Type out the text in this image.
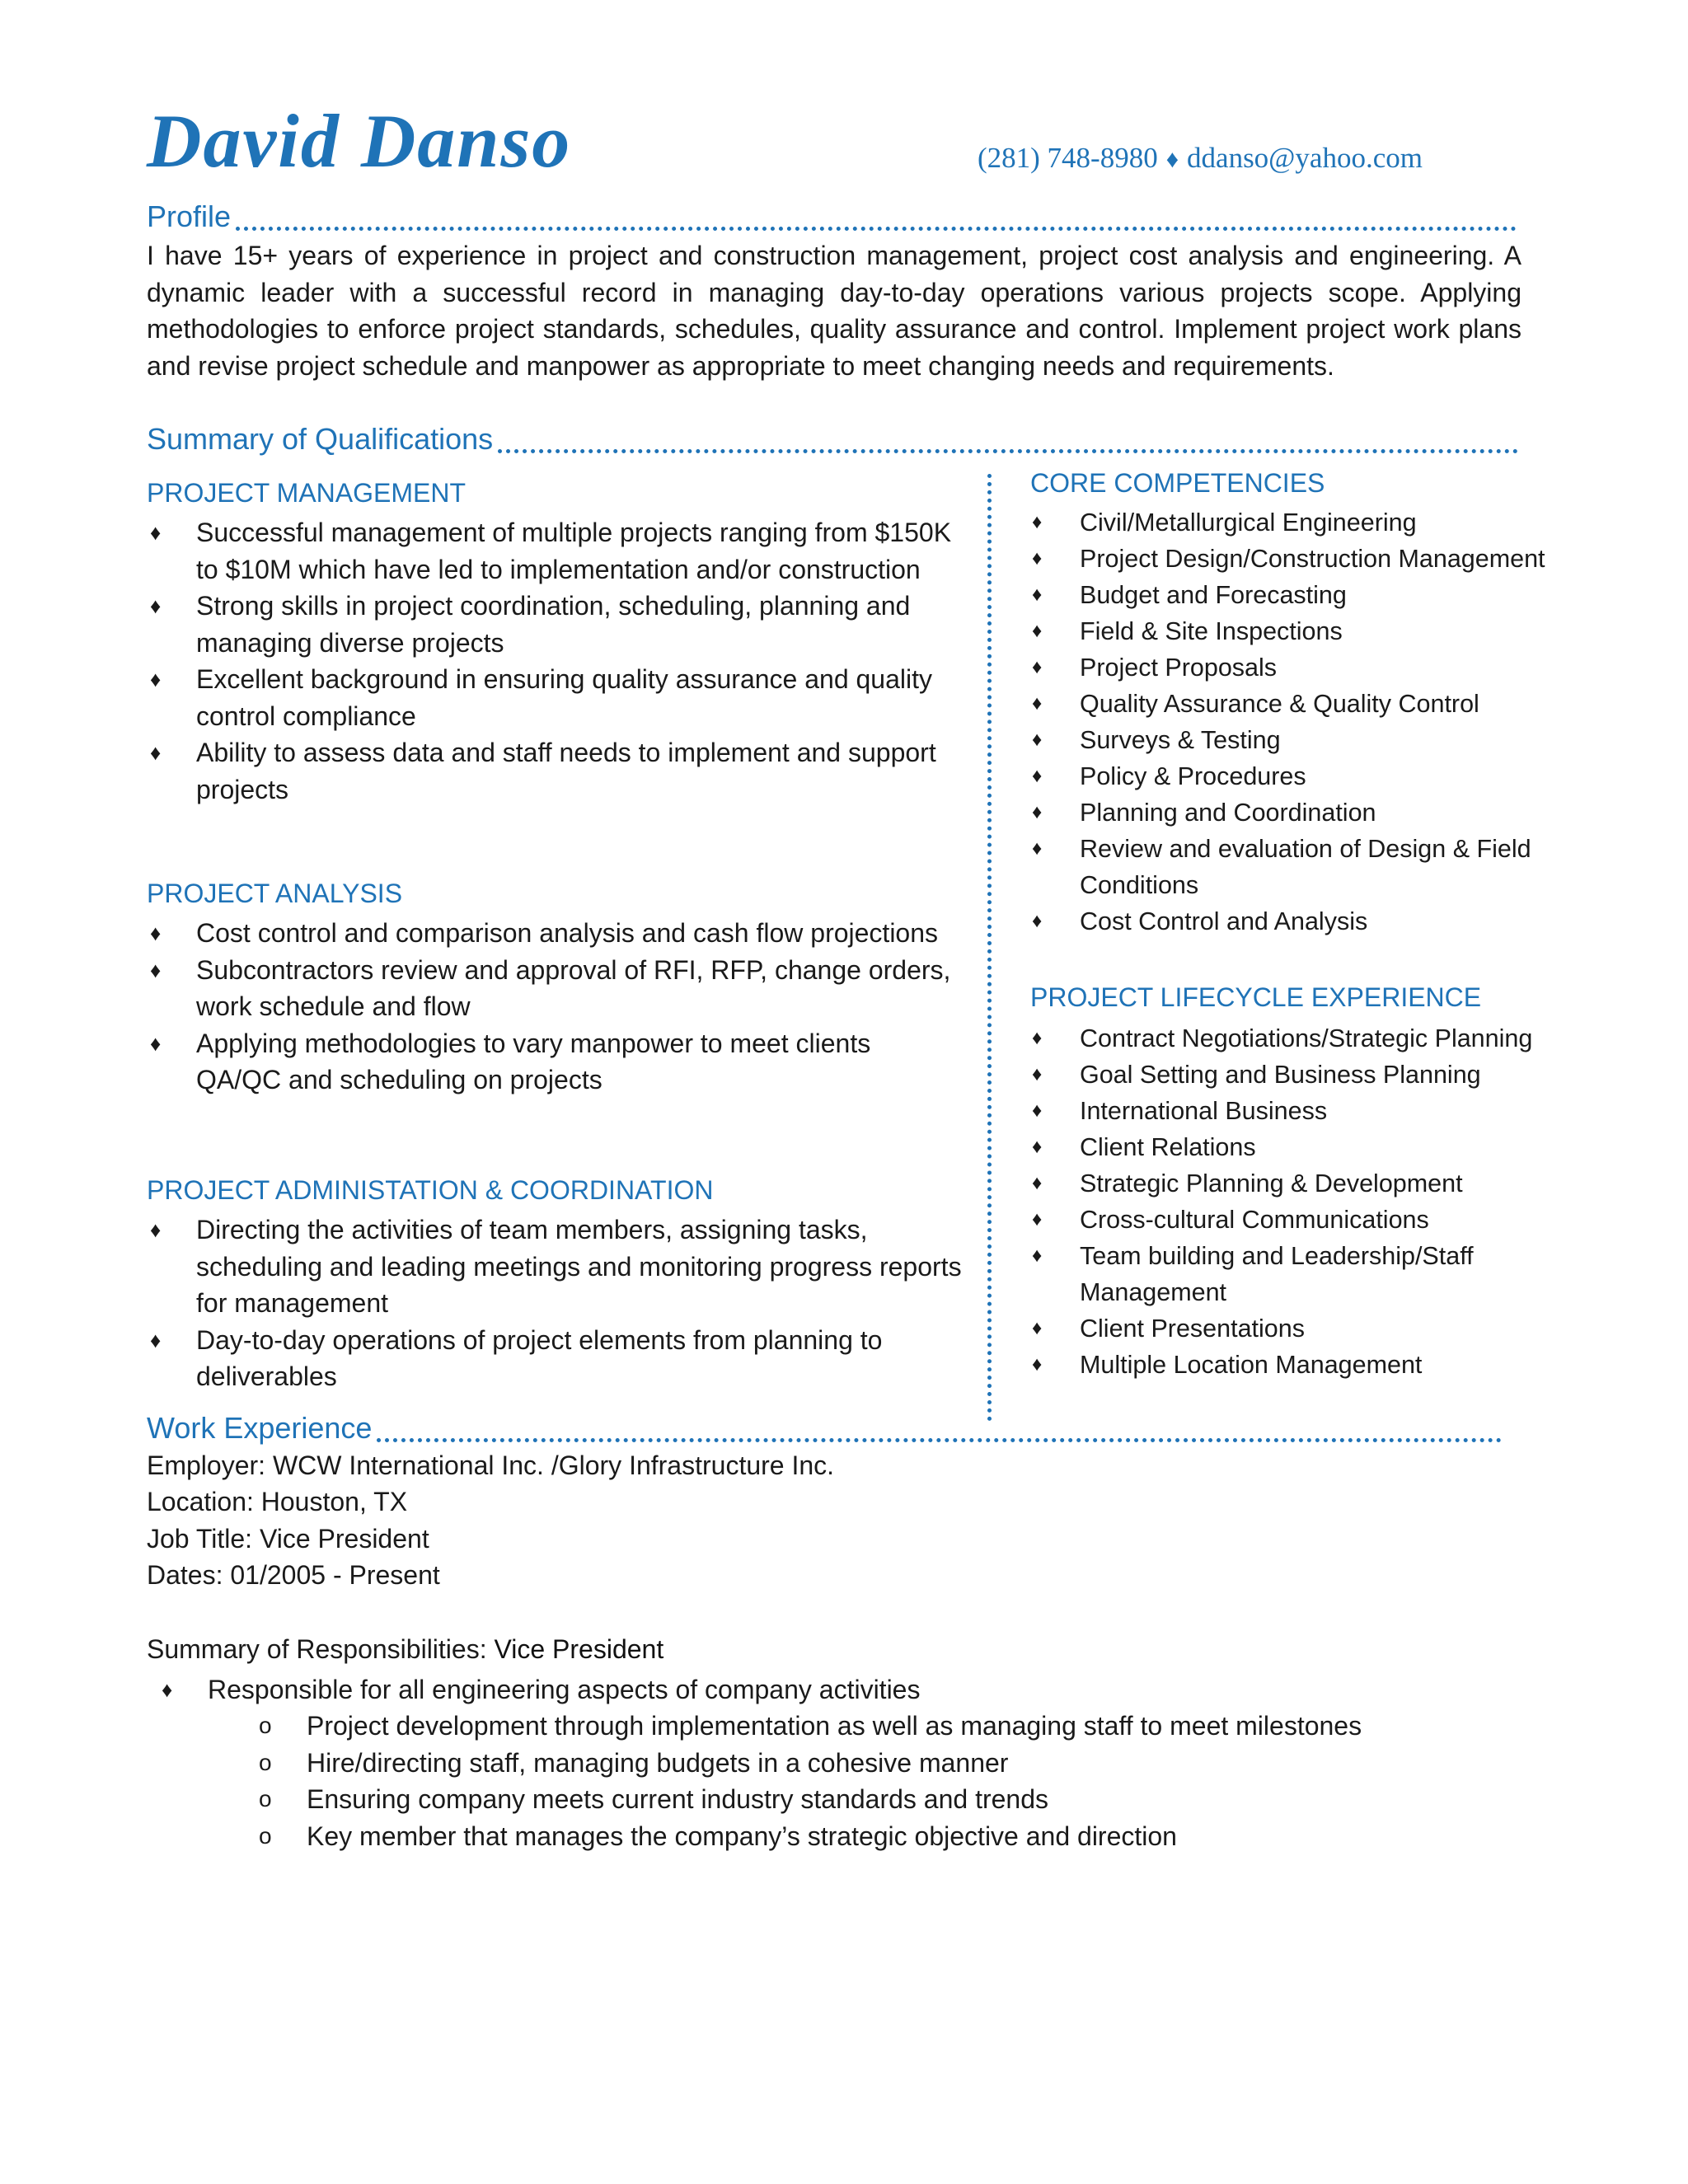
David Danso	(281) 748-8980 ♦ ddanso@yahoo.com
Profile
I have 15+ years of experience in project and construction management, project cost analysis and engineering. A dynamic leader with a successful record in managing day-to-day operations various projects scope. Applying methodologies to enforce project standards, schedules, quality assurance and control. Implement project work plans and revise project schedule and manpower as appropriate to meet changing needs and requirements.
Summary of Qualifications
PROJECT MANAGEMENT
♦ Successful management of multiple projects ranging from $150K to $10M which have led to implementation and/or construction
♦ Strong skills in project coordination, scheduling, planning and managing diverse projects
♦ Excellent background in ensuring quality assurance and quality control compliance
♦ Ability to assess data and staff needs to implement and support projects
PROJECT ANALYSIS
♦ Cost control and comparison analysis and cash flow projections
♦ Subcontractors review and approval of RFI, RFP, change orders, work schedule and flow
♦ Applying methodologies to vary manpower to meet clients QA/QC and scheduling on projects
PROJECT ADMINISTATION & COORDINATION
♦ Directing the activities of team members, assigning tasks, scheduling and leading meetings and monitoring progress reports for management
♦ Day-to-day operations of project elements from planning to deliverables
CORE COMPETENCIES
♦ Civil/Metallurgical Engineering
♦ Project Design/Construction Management
♦ Budget and Forecasting
♦ Field & Site Inspections
♦ Project Proposals
♦ Quality Assurance & Quality Control
♦ Surveys & Testing
♦ Policy & Procedures
♦ Planning and Coordination
♦ Review and evaluation of Design & Field Conditions
♦ Cost Control and Analysis
PROJECT LIFECYCLE EXPERIENCE
♦ Contract Negotiations/Strategic Planning
♦ Goal Setting and Business Planning
♦ International Business
♦ Client Relations
♦ Strategic Planning & Development
♦ Cross-cultural Communications
♦ Team building and Leadership/Staff Management
♦ Client Presentations
♦ Multiple Location Management
Work Experience
Employer: WCW International Inc. /Glory Infrastructure Inc.
Location: Houston, TX
Job Title: Vice President
Dates: 01/2005 - Present
Summary of Responsibilities: Vice President
♦ Responsible for all engineering aspects of company activities
o Project development through implementation as well as managing staff to meet milestones
o Hire/directing staff, managing budgets in a cohesive manner
o Ensuring company meets current industry standards and trends
o Key member that manages the company’s strategic objective and direction
